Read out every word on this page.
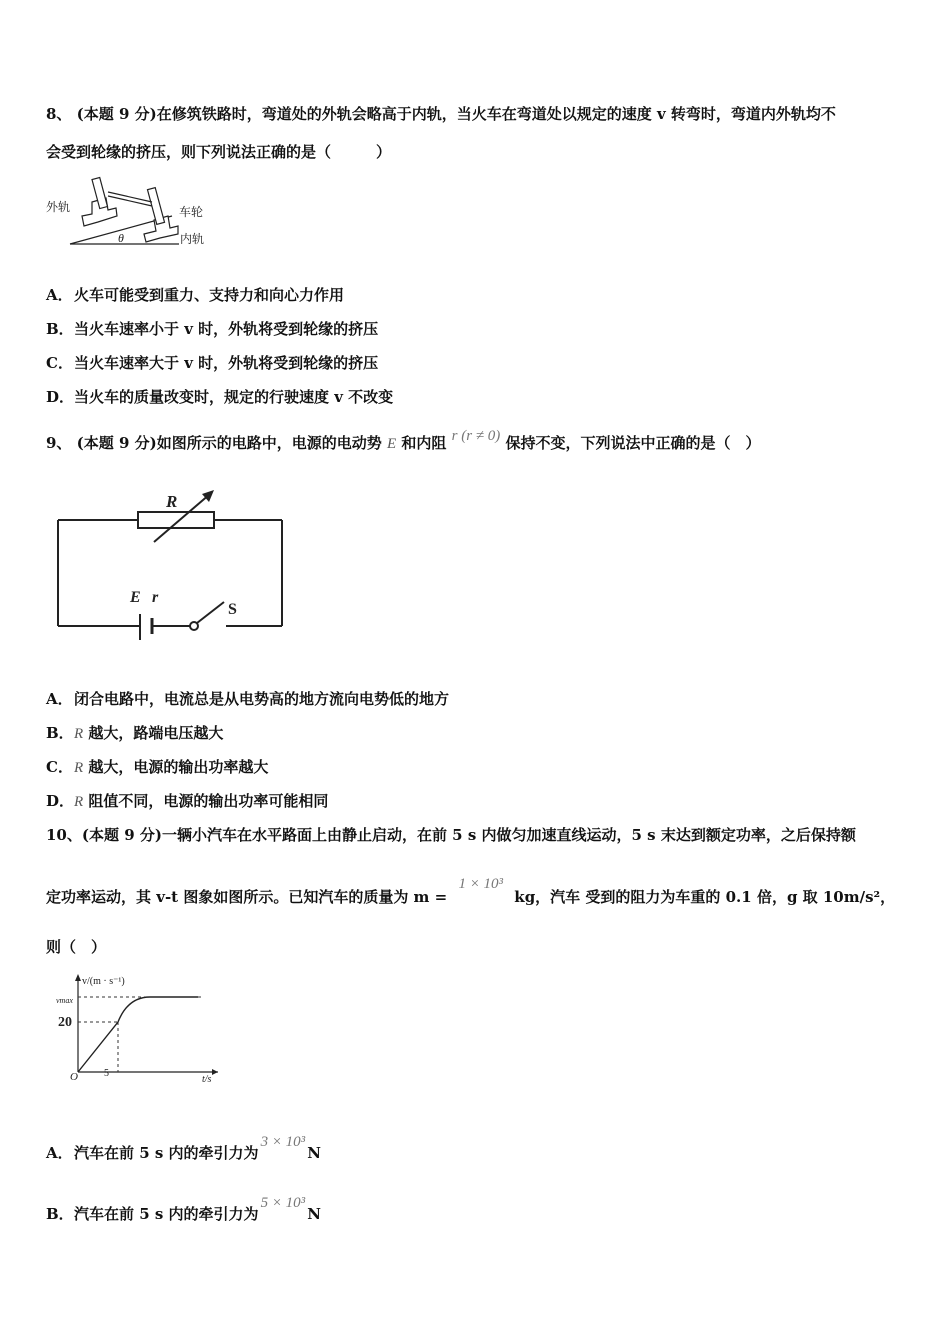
8、 (本题 9 分)在修筑铁路时，弯道处的外轨会略高于内轨，当火车在弯道处以规定的速度 v 转弯时，弯道内外轨均不
会受到轮缘的挤压，则下列说法正确的是（　　　）
外轨	车轮
内轨
θ
A．火车可能受到重力、支持力和向心力作用
B．当火车速率小于 v 时，外轨将受到轮缘的挤压
C．当火车速率大于 v 时，外轨将受到轮缘的挤压
D．当火车的质量改变时，规定的行驶速度 v 不改变
9、 (本题 9 分)如图所示的电路中，电源的电动势 E 和内阻 r (r ≠ 0) 保持不变，下列说法中正确的是（　）
R
E r
S
A．闭合电路中，电流总是从电势高的地方流向电势低的地方
B．R 越大，路端电压越大
C．R 越大，电源的输出功率越大
D．R 阻值不同，电源的输出功率可能相同
10、(本题 9 分)一辆小汽车在水平路面上由静止启动，在前 5 s 内做匀加速直线运动，5 s 末达到额定功率，之后保持额
定功率运动，其 v-t 图象如图所示。已知汽车的质量为 m = 1 × 10³ kg，汽车 受到的阻力为车重的 0.1 倍，g 取 10m/s²，
则（　）
v/(m · s⁻¹)
t/s
O
vmax
20
5
A．汽车在前 5 s 内的牵引力为3 × 10³N
B．汽车在前 5 s 内的牵引力为5 × 10³N
